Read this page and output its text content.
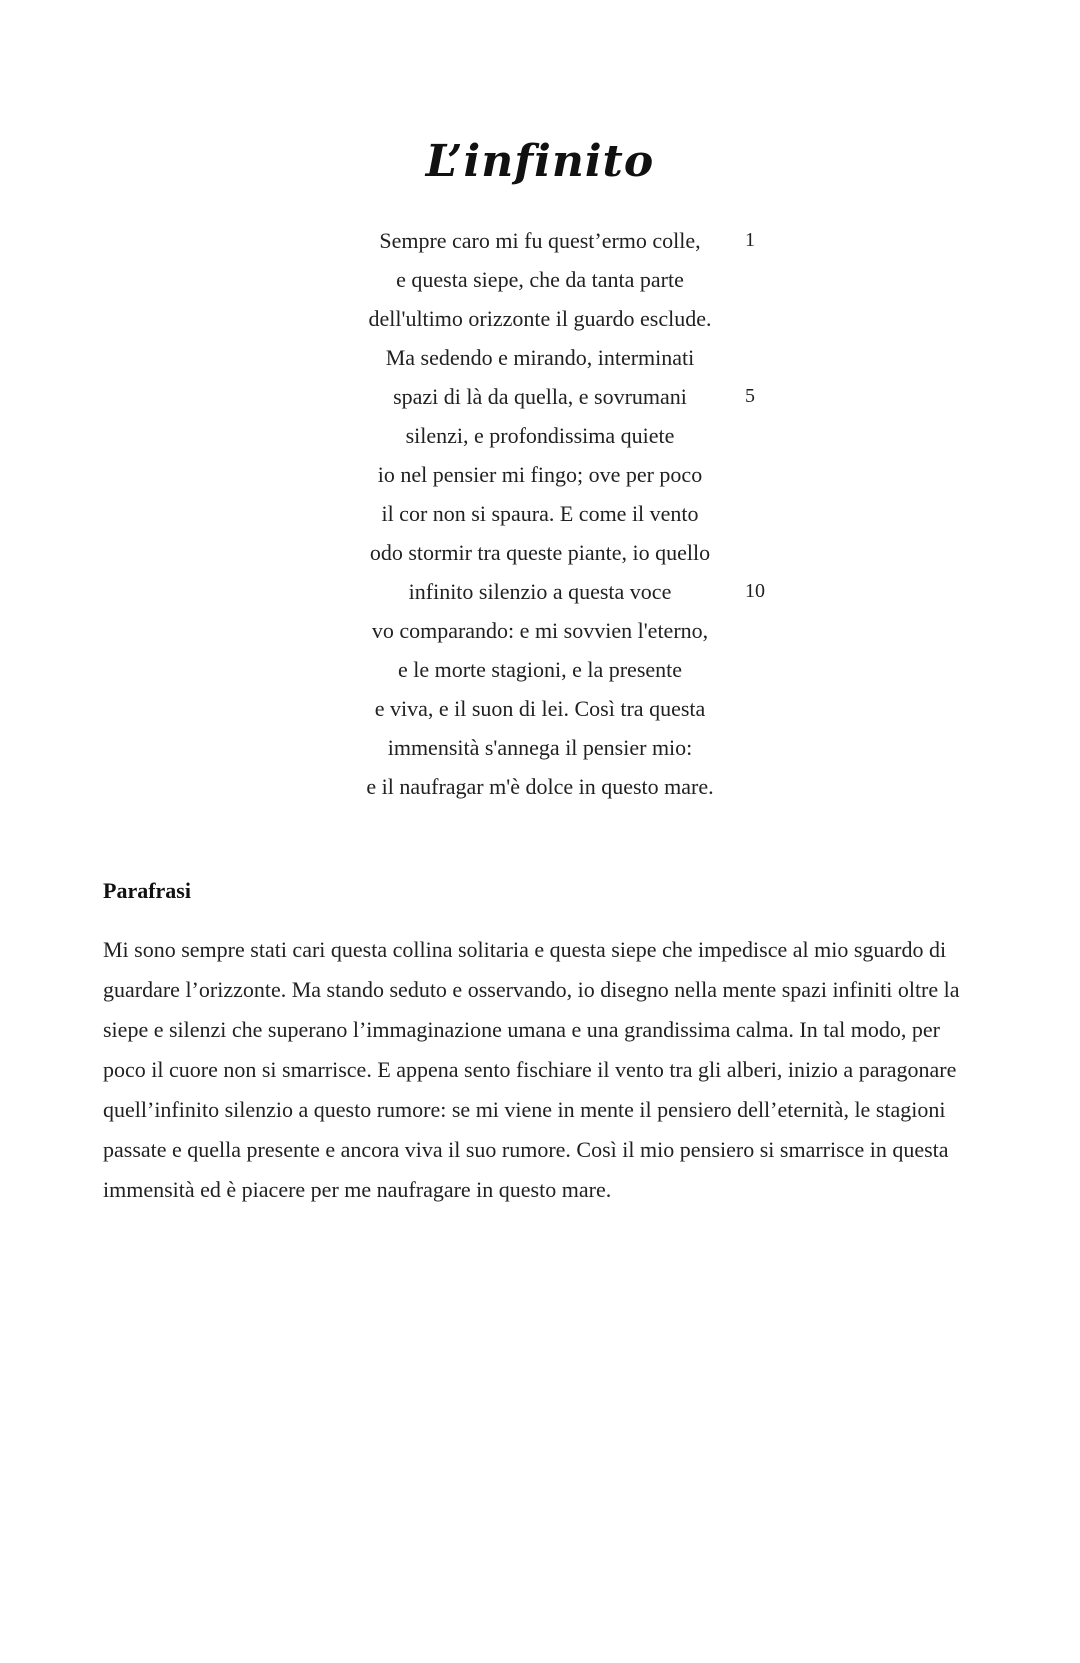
L’infinito
Sempre caro mi fu quest’ermo colle, 1
e questa siepe, che da tanta parte
dell'ultimo orizzonte il guardo esclude.
Ma sedendo e mirando, interminati
spazi di là da quella, e sovrumani	5
silenzi, e profondissima quiete
io nel pensier mi fingo; ove per poco
il cor non si spaura. E come il vento
odo stormir tra queste piante, io quello
infinito silenzio a questa voce	10
vo comparando: e mi sovvien l'eterno,
e le morte stagioni, e la presente
e viva, e il suon di lei. Così tra questa
immensità s'annega il pensier mio:
e il naufragar m'è dolce in questo mare.
Parafrasi
Mi sono sempre stati cari questa collina solitaria e questa siepe che impedisce al mio sguardo di guardare l’orizzonte. Ma stando seduto e osservando, io disegno nella mente spazi infiniti oltre la siepe e silenzi che superano l’immaginazione umana e una grandissima calma. In tal modo, per poco il cuore non si smarrisce. E appena sento fischiare il vento tra gli alberi, inizio a paragonare quell’infinito silenzio a questo rumore: se mi viene in mente il pensiero dell’eternità, le stagioni passate e quella presente e ancora viva il suo rumore. Così il mio pensiero si smarrisce in questa immensità ed è piacere per me naufragare in questo mare.
